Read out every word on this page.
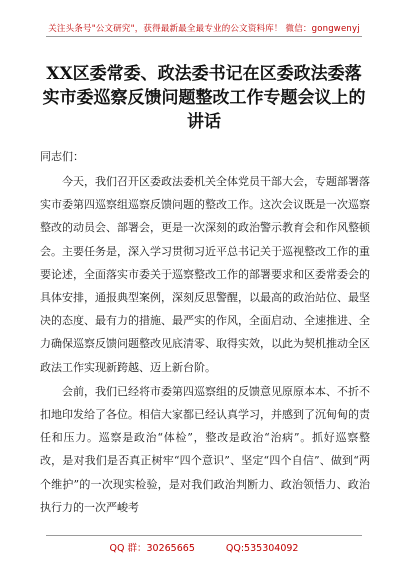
关注头条号"公文研究"，获得最新最全最专业的公文资料库！ 微信：gongwenyj
XX区委常委、政法委书记在区委政法委落实市委巡察反馈问题整改工作专题会议上的讲话
同志们：

今天，我们召开区委政法委机关全体党员干部大会，专题部署落实市委第四巡察组巡察反馈问题的整改工作。这次会议既是一次巡察整改的动员会、部署会，更是一次深刻的政治警示教育会和作风整顿会。主要任务是，深入学习贯彻习近平总书记关于巡视整改工作的重要论述，全面落实市委关于巡察整改工作的部署要求和区委常委会的具体安排，通报典型案例，深刻反思警醒，以最高的政治站位、最坚决的态度、最有力的措施、最严实的作风，全面启动、全速推进、全力确保巡察反馈问题整改见底清零、取得实效，以此为契机推动全区政法工作实现新跨越、迈上新台阶。

会前，我们已经将市委第四巡察组的反馈意见原原本本、不折不扣地印发给了各位。相信大家都已经认真学习，并感到了沉甸甸的责任和压力。巡察是政治“体检”，整改是政治“治病”。抓好巡察整改，是对我们是否真正树牢“四个意识”、坚定“四个自信”、做到“两个维护”的一次现实检验，是对我们政治判断力、政治领悟力、政治执行力的一次严峻考

QQ 群：30265665	QQ:535304092
